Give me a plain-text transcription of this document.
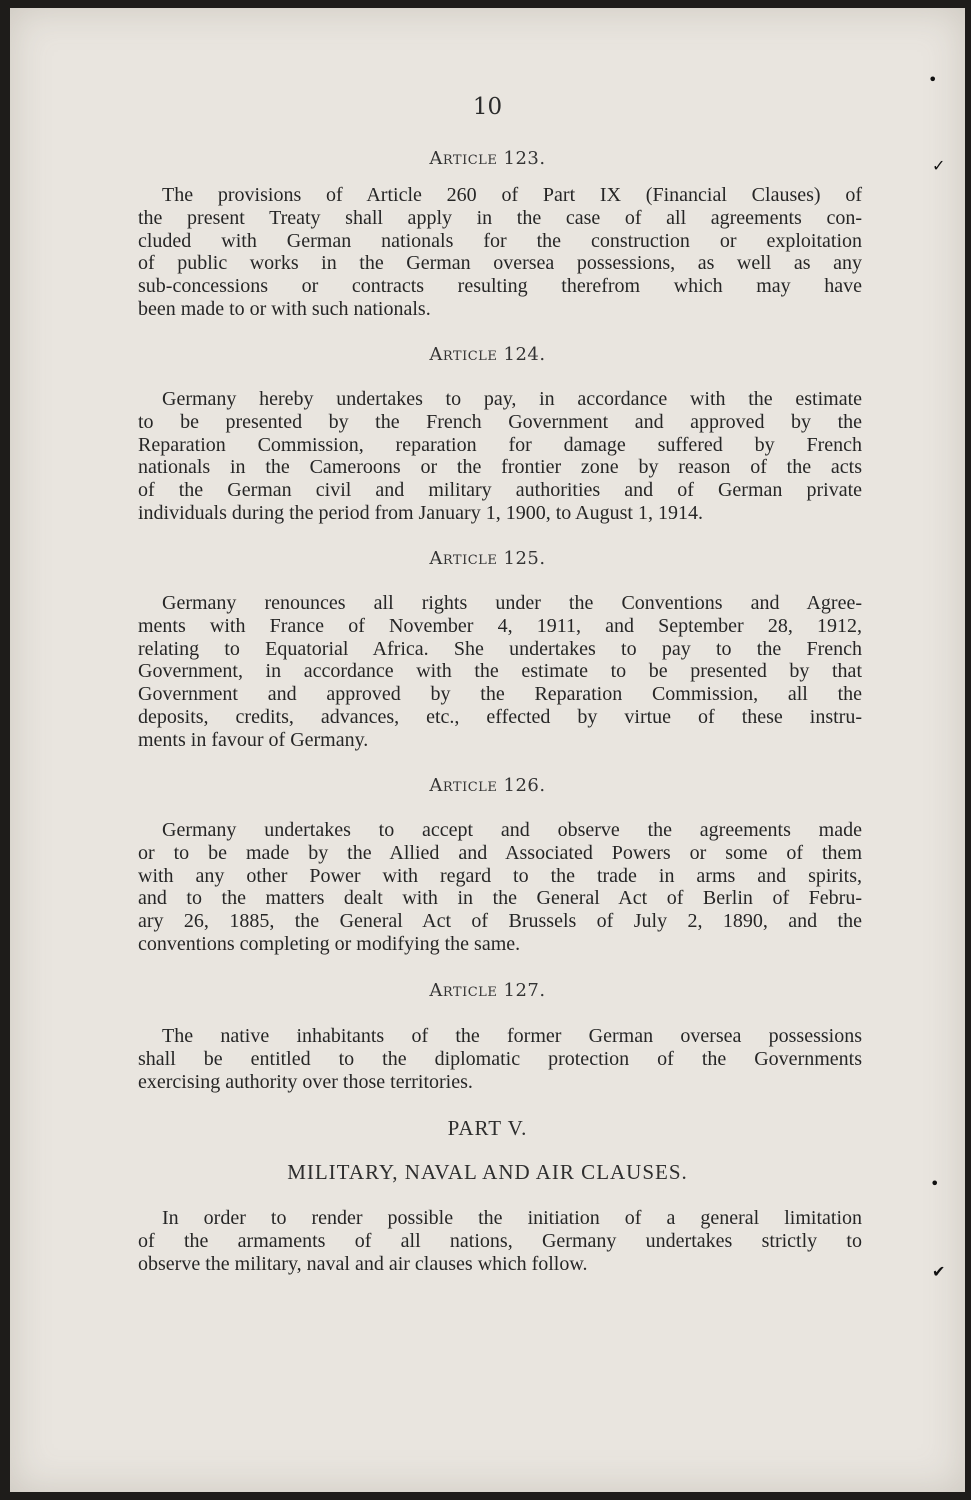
10
Article 123.
The provisions of Article 260 of Part IX (Financial Clauses) of
the present Treaty shall apply in the case of all agreements con-
cluded with German nationals for the construction or exploitation
of public works in the German oversea possessions, as well as any
sub-concessions or contracts resulting therefrom which may have
been made to or with such nationals.
Article 124.
Germany hereby undertakes to pay, in accordance with the estimate
to be presented by the French Government and approved by the
Reparation Commission, reparation for damage suffered by French
nationals in the Cameroons or the frontier zone by reason of the acts
of the German civil and military authorities and of German private
individuals during the period from January 1, 1900, to August 1, 1914.
Article 125.
Germany renounces all rights under the Conventions and Agree-
ments with France of November 4, 1911, and September 28, 1912,
relating to Equatorial Africa. She undertakes to pay to the French
Government, in accordance with the estimate to be presented by that
Government and approved by the Reparation Commission, all the
deposits, credits, advances, etc., effected by virtue of these instru-
ments in favour of Germany.
Article 126.
Germany undertakes to accept and observe the agreements made
or to be made by the Allied and Associated Powers or some of them
with any other Power with regard to the trade in arms and spirits,
and to the matters dealt with in the General Act of Berlin of Febru-
ary 26, 1885, the General Act of Brussels of July 2, 1890, and the
conventions completing or modifying the same.
Article 127.
The native inhabitants of the former German oversea possessions
shall be entitled to the diplomatic protection of the Governments
exercising authority over those territories.
PART V.
MILITARY, NAVAL AND AIR CLAUSES.
In order to render possible the initiation of a general limitation
of the armaments of all nations, Germany undertakes strictly to
observe the military, naval and air clauses which follow.
•
✓
•
✔
